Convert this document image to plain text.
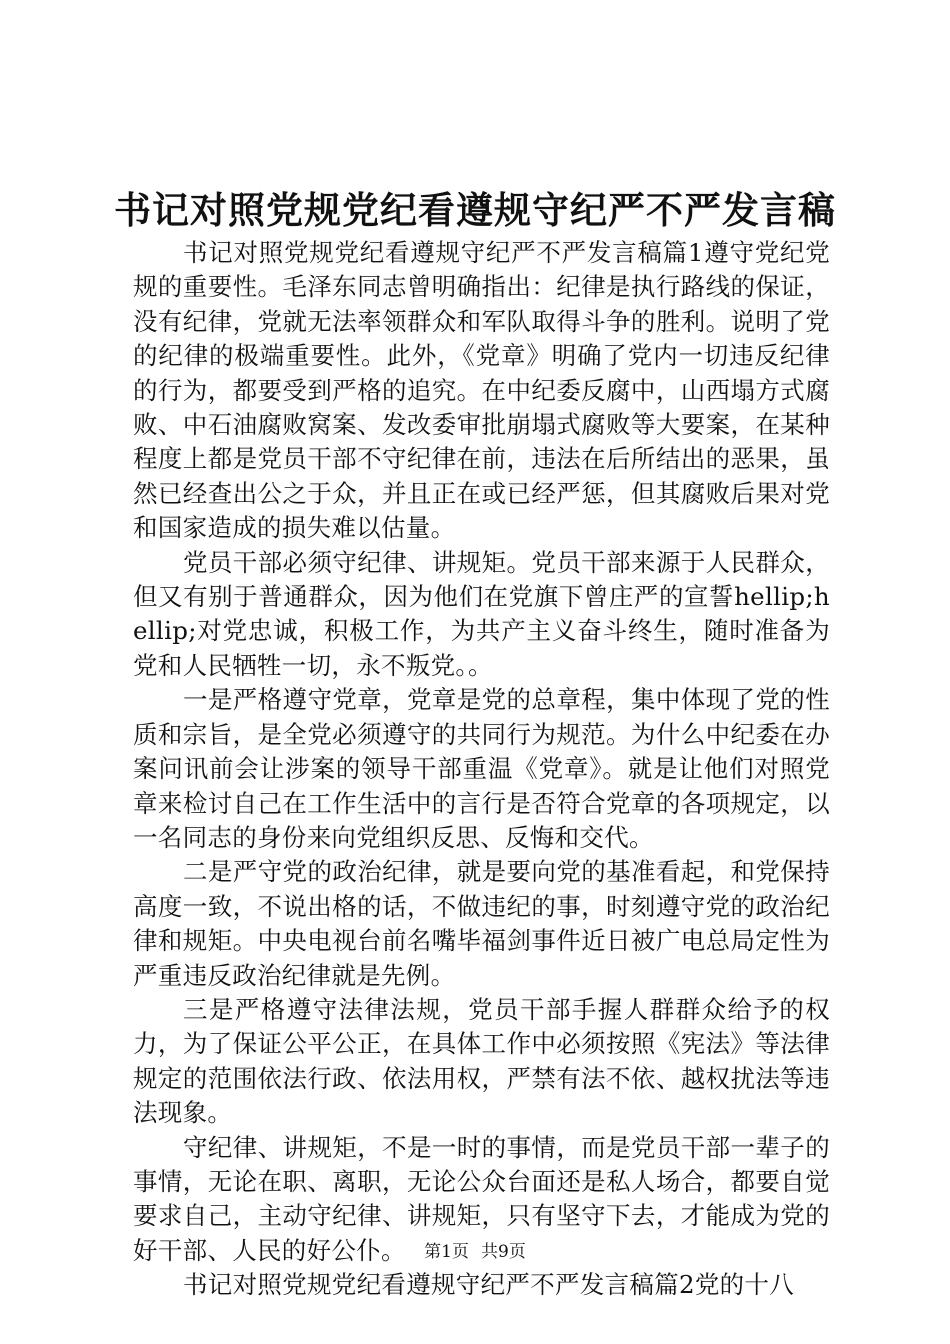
书记对照党规党纪看遵规守纪严不严发言稿

书记对照党规党纪看遵规守纪严不严发言稿篇1遵守党纪党规的重要性。毛泽东同志曾明确指出：纪律是执行路线的保证，没有纪律，党就无法率领群众和军队取得斗争的胜利。说明了党的纪律的极端重要性。此外，《党章》明确了党内一切违反纪律的行为，都要受到严格的追究。在中纪委反腐中，山西塌方式腐败、中石油腐败窝案、发改委审批崩塌式腐败等大要案，在某种程度上都是党员干部不守纪律在前，违法在后所结出的恶果，虽然已经查出公之于众，并且正在或已经严惩，但其腐败后果对党和国家造成的损失难以估量。

党员干部必须守纪律、讲规矩。党员干部来源于人民群众，但又有别于普通群众，因为他们在党旗下曾庄严的宣誓hellip;hellip;对党忠诚，积极工作，为共产主义奋斗终生，随时准备为党和人民牺牲一切，永不叛党。。

一是严格遵守党章，党章是党的总章程，集中体现了党的性质和宗旨，是全党必须遵守的共同行为规范。为什么中纪委在办案问讯前会让涉案的领导干部重温《党章》。就是让他们对照党章来检讨自己在工作生活中的言行是否符合党章的各项规定，以一名同志的身份来向党组织反思、反悔和交代。

二是严守党的政治纪律，就是要向党的基准看起，和党保持高度一致，不说出格的话，不做违纪的事，时刻遵守党的政治纪律和规矩。中央电视台前名嘴毕福剑事件近日被广电总局定性为严重违反政治纪律就是先例。

三是严格遵守法律法规，党员干部手握人群群众给予的权力，为了保证公平公正，在具体工作中必须按照《宪法》等法律规定的范围依法行政、依法用权，严禁有法不依、越权扰法等违法现象。

守纪律、讲规矩，不是一时的事情，而是党员干部一辈子的事情，无论在职、离职，无论公众台面还是私人场合，都要自觉要求自己，主动守纪律、讲规矩，只有坚守下去，才能成为党的好干部、人民的好公仆。

书记对照党规党纪看遵规守纪严不严发言稿篇2党的十八

第1页 共9页
